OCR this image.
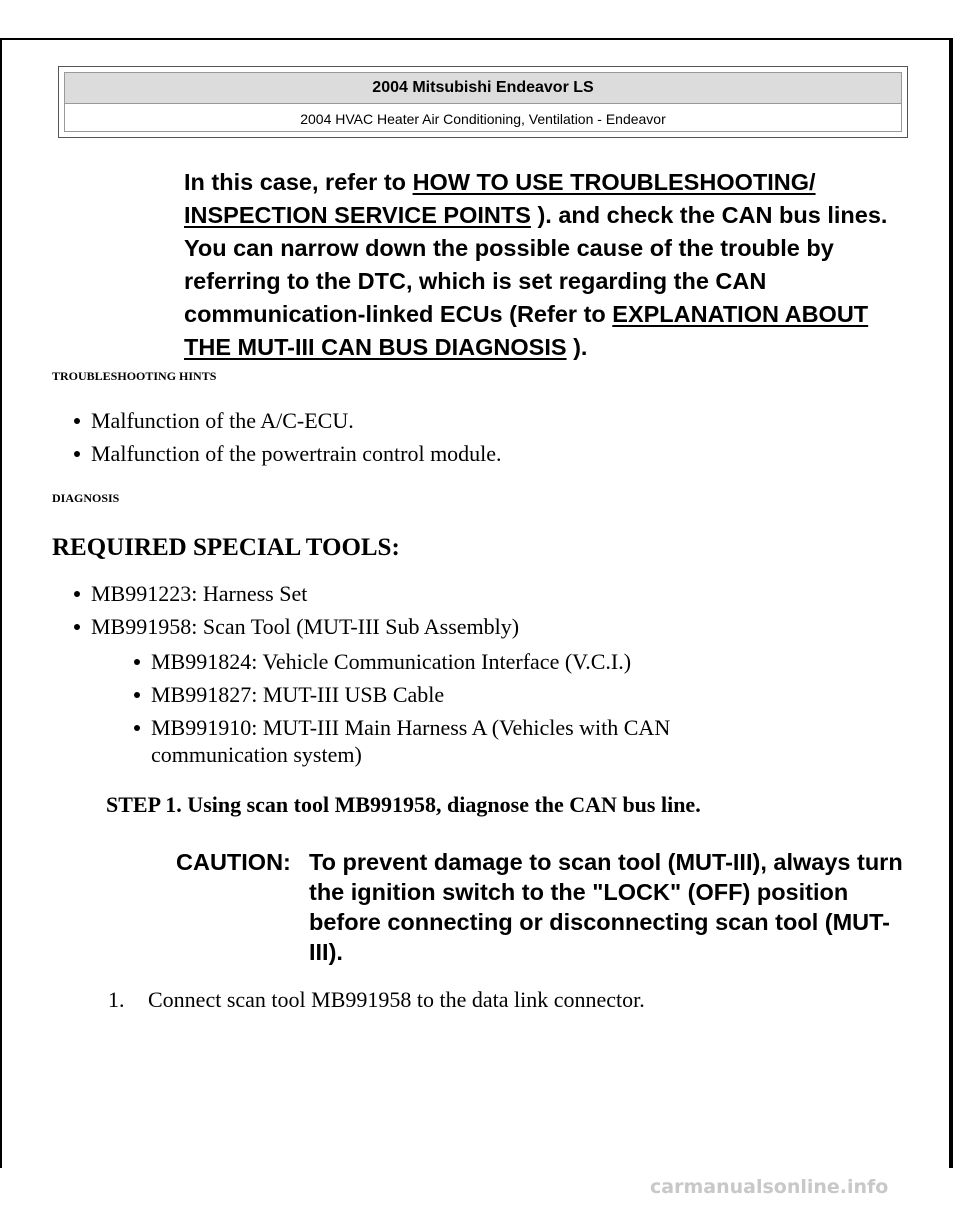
2004 Mitsubishi Endeavor LS
2004 HVAC Heater Air Conditioning, Ventilation - Endeavor
In this case, refer to HOW TO USE TROUBLESHOOTING/ INSPECTION SERVICE POINTS ). and check the CAN bus lines. You can narrow down the possible cause of the trouble by referring to the DTC, which is set regarding the CAN communication-linked ECUs (Refer to EXPLANATION ABOUT THE MUT-III CAN BUS DIAGNOSIS ).
TROUBLESHOOTING HINTS
Malfunction of the A/C-ECU.
Malfunction of the powertrain control module.
DIAGNOSIS
REQUIRED SPECIAL TOOLS:
MB991223: Harness Set
MB991958: Scan Tool (MUT-III Sub Assembly)
MB991824: Vehicle Communication Interface (V.C.I.)
MB991827: MUT-III USB Cable
MB991910: MUT-III Main Harness A (Vehicles with CAN communication system)
STEP 1. Using scan tool MB991958, diagnose the CAN bus line.
CAUTION: To prevent damage to scan tool (MUT-III), always turn the ignition switch to the "LOCK" (OFF) position before connecting or disconnecting scan tool (MUT-III).
1. Connect scan tool MB991958 to the data link connector.
carmanualsonline.info
